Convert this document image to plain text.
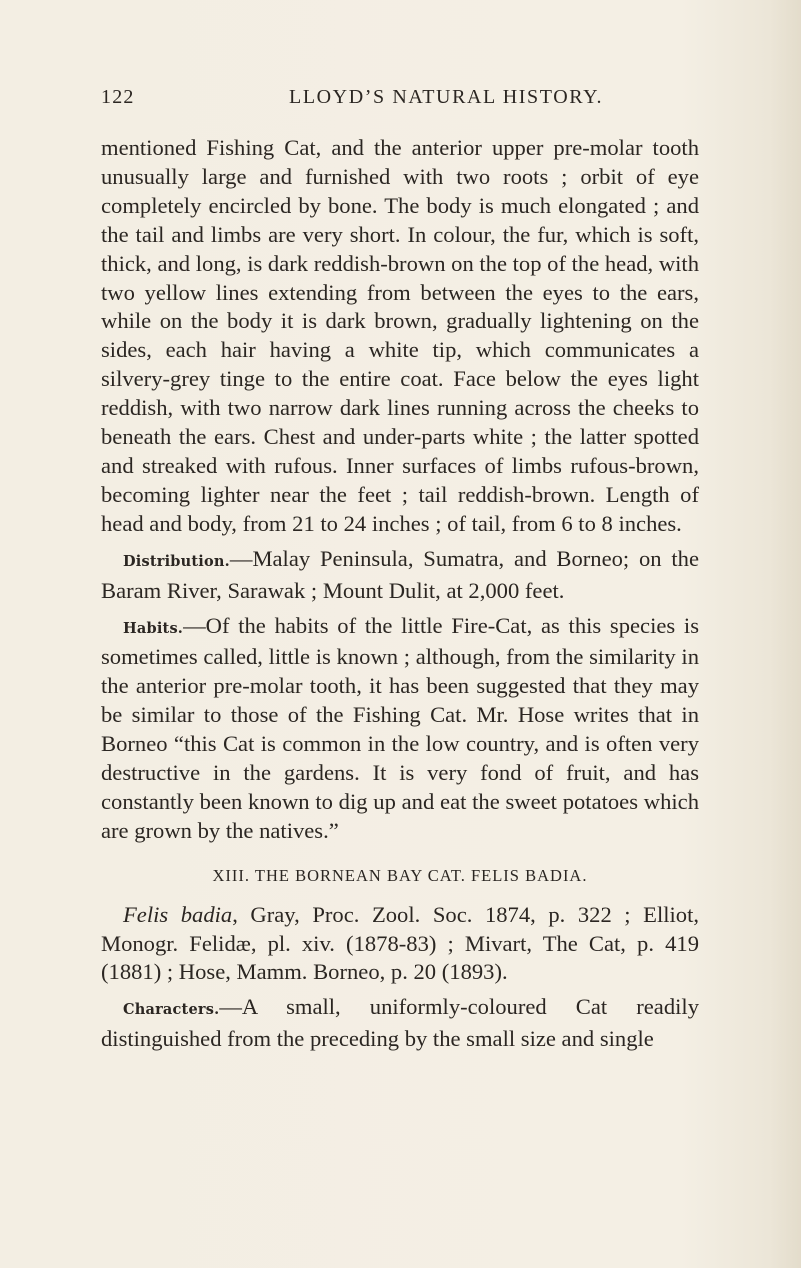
122	LLOYD’S NATURAL HISTORY.

mentioned Fishing Cat, and the anterior upper pre-molar tooth unusually large and furnished with two roots ; orbit of eye completely encircled by bone. The body is much elongated ; and the tail and limbs are very short. In colour, the fur, which is soft, thick, and long, is dark reddish-brown on the top of the head, with two yellow lines extending from between the eyes to the ears, while on the body it is dark brown, gradually lightening on the sides, each hair having a white tip, which communicates a silvery-grey tinge to the entire coat. Face below the eyes light reddish, with two narrow dark lines running across the cheeks to beneath the ears. Chest and under-parts white ; the latter spotted and streaked with rufous. Inner surfaces of limbs rufous-brown, becoming lighter near the feet ; tail reddish-brown. Length of head and body, from 21 to 24 inches ; of tail, from 6 to 8 inches.

Distribution.—Malay Peninsula, Sumatra, and Borneo; on the Baram River, Sarawak ; Mount Dulit, at 2,000 feet.

Habits.—Of the habits of the little Fire-Cat, as this species is sometimes called, little is known ; although, from the similarity in the anterior pre-molar tooth, it has been suggested that they may be similar to those of the Fishing Cat. Mr. Hose writes that in Borneo “this Cat is common in the low country, and is often very destructive in the gardens. It is very fond of fruit, and has constantly been known to dig up and eat the sweet potatoes which are grown by the natives.”

XIII. THE BORNEAN BAY CAT. FELIS BADIA.

Felis badia, Gray, Proc. Zool. Soc. 1874, p. 322 ; Elliot, Monogr. Felidæ, pl. xiv. (1878-83) ; Mivart, The Cat, p. 419 (1881) ; Hose, Mamm. Borneo, p. 20 (1893).

Characters.—A small, uniformly-coloured Cat readily distinguished from the preceding by the small size and single
